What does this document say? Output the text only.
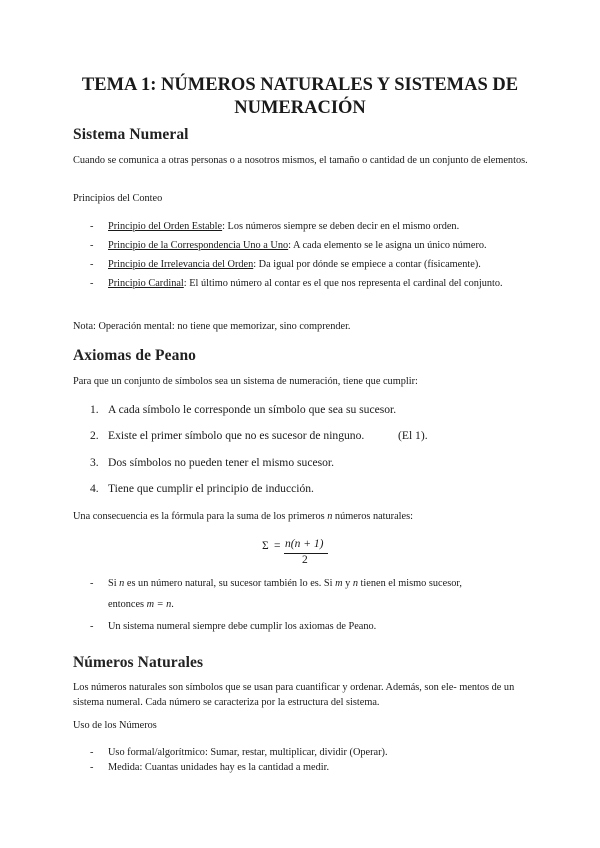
TEMA 1: NÚMEROS NATURALES Y SISTEMAS DE NUMERACIÓN
Sistema Numeral

Cuando se comunica a otras personas o a nosotros mismos, el tamaño o cantidad de un conjunto de elementos.

Principios del Conteo

- Principio del Orden Estable: Los números siempre se deben decir en el mismo orden.
- Principio de la Correspondencia Uno a Uno: A cada elemento se le asigna un único número.
- Principio de Irrelevancia del Orden: Da igual por dónde se empiece a contar (físicamente).
- Principio Cardinal: El último número al contar es el que nos representa el cardinal del conjunto.

Nota: Operación mental: no tiene que memorizar, sino comprender.

Axiomas de Peano

Para que un conjunto de símbolos sea un sistema de numeración, tiene que cumplir:

1. A cada símbolo le corresponde un símbolo que sea su sucesor.
2. Existe el primer símbolo que no es sucesor de ninguno.	(El 1).
3. Dos símbolos no pueden tener el mismo sucesor.
4. Tiene que cumplir el principio de inducción.

Una consecuencia es la fórmula para la suma de los primeros n números naturales:

Σ = n(n + 1)
2
- Si n es un número natural, su sucesor también lo es. Si m y n tienen el mismo sucesor,
entonces m = n.
- Un sistema numeral siempre debe cumplir los axiomas de Peano.
Números Naturales

Los números naturales son símbolos que se usan para cuantificar y ordenar. Además, son ele- mentos de un sistema numeral. Cada número se caracteriza por la estructura del sistema.

Uso de los Números

- Uso formal/algorítmico: Sumar, restar, multiplicar, dividir (Operar).
- Medida: Cuantas unidades hay es la cantidad a medir.
